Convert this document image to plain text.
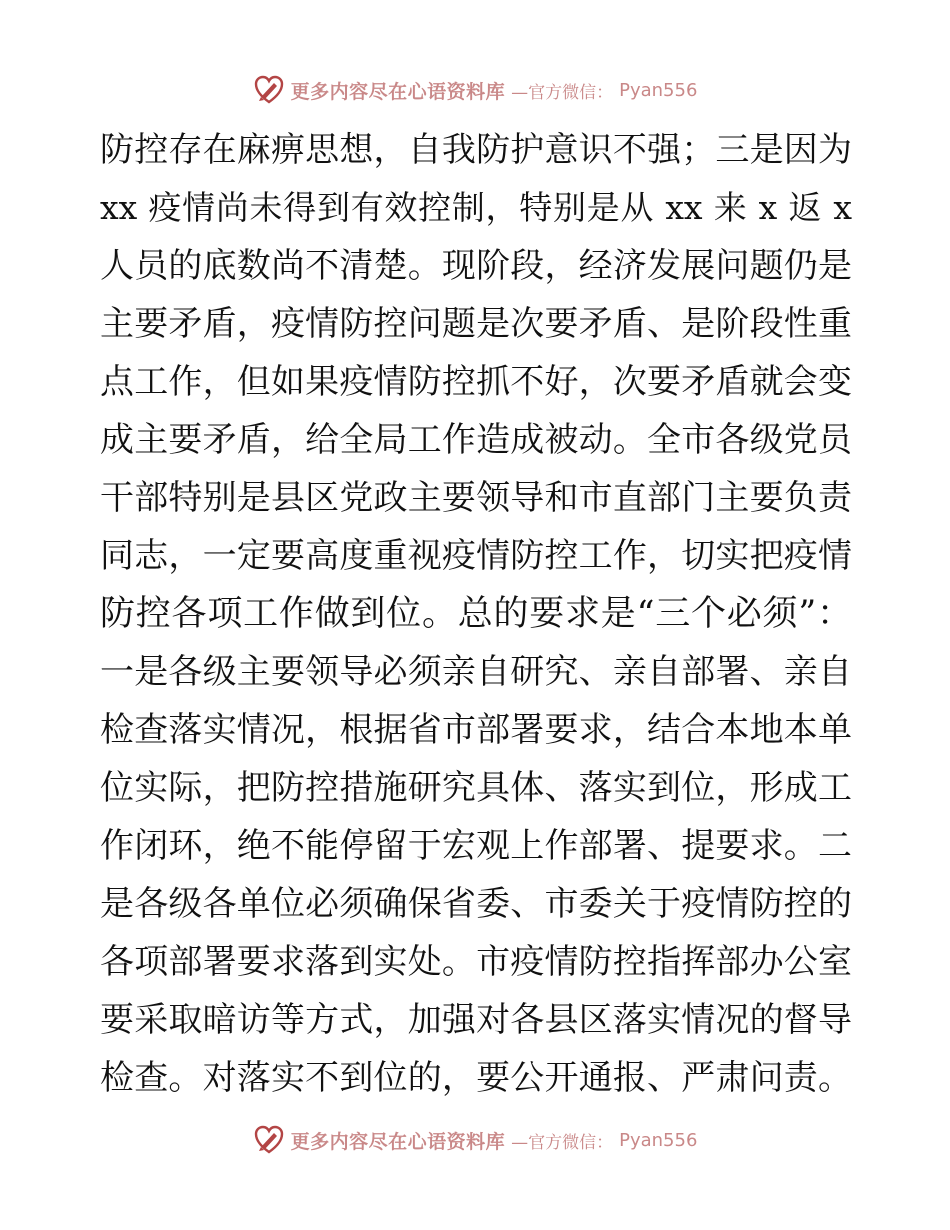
更多内容尽在心语资料库 —官方微信： Pyan556
防控存在麻痹思想，自我防护意识不强；三是因为
xx 疫情尚未得到有效控制，特别是从 xx 来 x 返 x
人员的底数尚不清楚。现阶段，经济发展问题仍是
主要矛盾，疫情防控问题是次要矛盾、是阶段性重
点工作，但如果疫情防控抓不好，次要矛盾就会变
成主要矛盾，给全局工作造成被动。全市各级党员
干部特别是县区党政主要领导和市直部门主要负责
同志，一定要高度重视疫情防控工作，切实把疫情
防控各项工作做到位。总的要求是“三个必须”：
一是各级主要领导必须亲自研究、亲自部署、亲自
检查落实情况，根据省市部署要求，结合本地本单
位实际，把防控措施研究具体、落实到位，形成工
作闭环，绝不能停留于宏观上作部署、提要求。二
是各级各单位必须确保省委、市委关于疫情防控的
各项部署要求落到实处。市疫情防控指挥部办公室
要采取暗访等方式，加强对各县区落实情况的督导
检查。对落实不到位的，要公开通报、严肃问责。
更多内容尽在心语资料库 —官方微信： Pyan556
